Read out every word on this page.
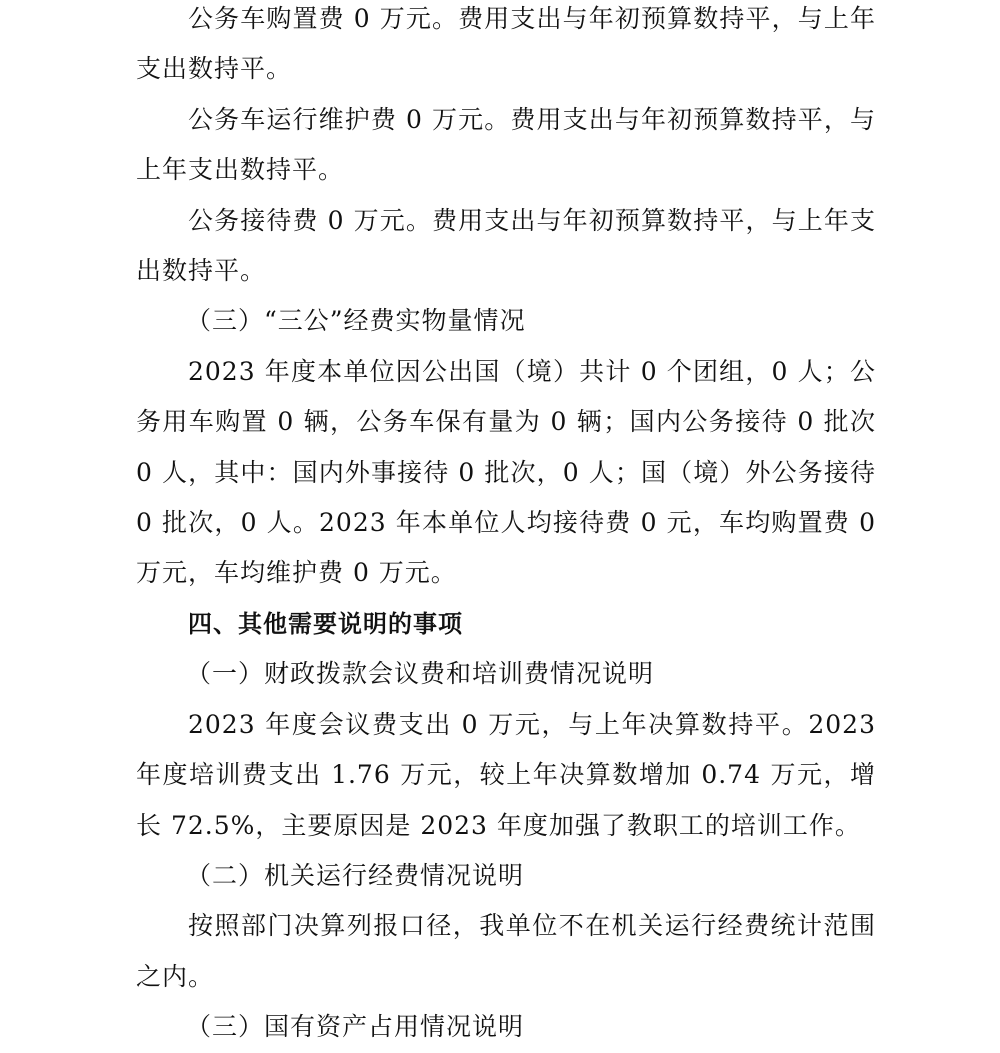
公务车购置费 0 万元。费用支出与年初预算数持平，与上年支出数持平。

公务车运行维护费 0 万元。费用支出与年初预算数持平，与上年支出数持平。

公务接待费 0 万元。费用支出与年初预算数持平，与上年支出数持平。

（三）“三公”经费实物量情况

2023 年度本单位因公出国（境）共计 0 个团组，0 人；公务用车购置 0 辆，公务车保有量为 0 辆；国内公务接待 0 批次 0 人，其中：国内外事接待 0 批次，0 人；国（境）外公务接待 0 批次，0 人。2023 年本单位人均接待费 0 元，车均购置费 0 万元，车均维护费 0 万元。

四、其他需要说明的事项

（一）财政拨款会议费和培训费情况说明

2023 年度会议费支出 0 万元，与上年决算数持平。2023 年度培训费支出 1.76 万元，较上年决算数增加 0.74 万元，增长 72.5%，主要原因是 2023 年度加强了教职工的培训工作。

（二）机关运行经费情况说明

按照部门决算列报口径，我单位不在机关运行经费统计范围之内。

（三）国有资产占用情况说明
